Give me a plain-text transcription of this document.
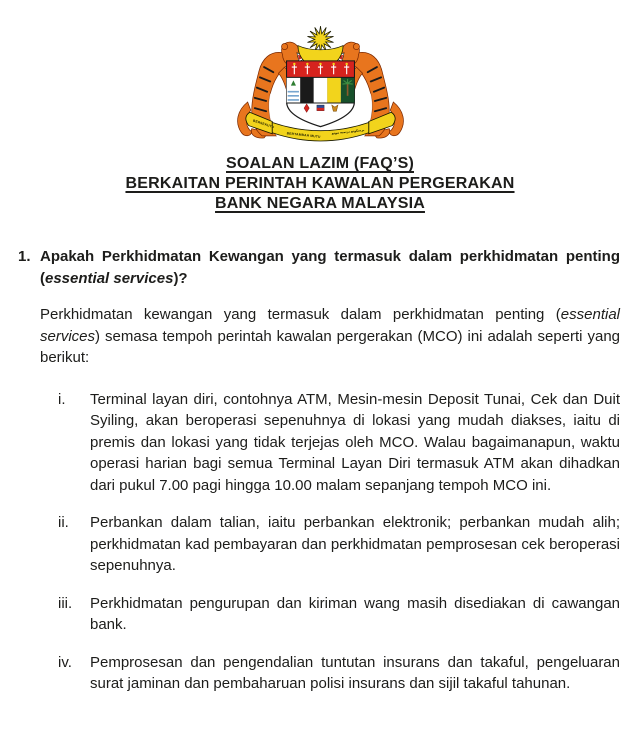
BERSEKUTU
BERTAMBAH MUTU	برسكوتو برتمبه موتو
SOALAN LAZIM (FAQ’S)
BERKAITAN PERINTAH KAWALAN PERGERAKAN
BANK NEGARA MALAYSIA
1. Apakah Perkhidmatan Kewangan yang termasuk dalam perkhidmatan penting (essential services)?

Perkhidmatan kewangan yang termasuk dalam perkhidmatan penting (essential services) semasa tempoh perintah kawalan pergerakan (MCO) ini adalah seperti yang berikut:

i.	Terminal layan diri, contohnya ATM, Mesin-mesin Deposit Tunai, Cek dan Duit Syiling, akan beroperasi sepenuhnya di lokasi yang mudah diakses, iaitu di premis dan lokasi yang tidak terjejas oleh MCO. Walau bagaimanapun, waktu operasi harian bagi semua Terminal Layan Diri termasuk ATM akan dihadkan dari pukul 7.00 pagi hingga 10.00 malam sepanjang tempoh MCO ini.
ii.	Perbankan dalam talian, iaitu perbankan elektronik; perbankan mudah alih; perkhidmatan kad pembayaran dan perkhidmatan pemprosesan cek beroperasi sepenuhnya.
iii.	Perkhidmatan pengurupan dan kiriman wang masih disediakan di cawangan bank.
iv.	Pemprosesan dan pengendalian tuntutan insurans dan takaful, pengeluaran surat jaminan dan pembaharuan polisi insurans dan sijil takaful tahunan.
